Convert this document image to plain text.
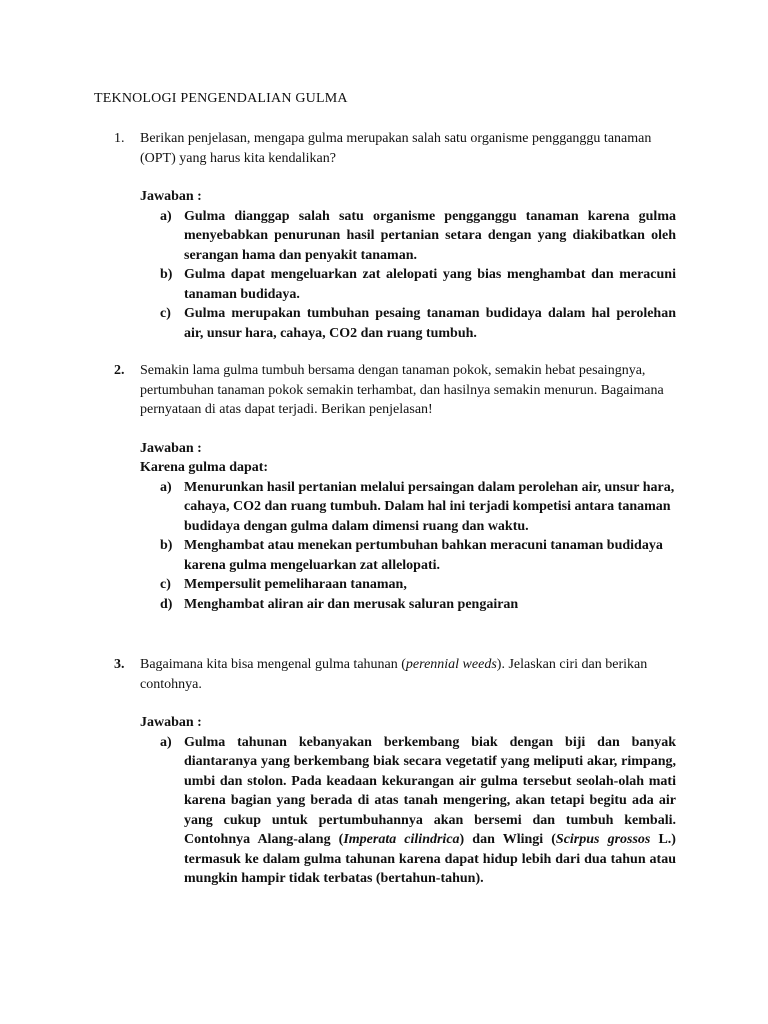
TEKNOLOGI PENGENDALIAN GULMA
1. Berikan penjelasan, mengapa gulma merupakan salah satu organisme pengganggu tanaman (OPT) yang harus kita kendalikan?
Jawaban :
a) Gulma dianggap salah satu organisme pengganggu tanaman karena gulma menyebabkan penurunan hasil pertanian setara dengan yang diakibatkan oleh serangan hama dan penyakit tanaman.
b) Gulma dapat mengeluarkan zat alelopati yang bias menghambat dan meracuni tanaman budidaya.
c) Gulma merupakan tumbuhan pesaing tanaman budidaya dalam hal perolehan air, unsur hara, cahaya, CO2 dan ruang tumbuh.
2. Semakin lama gulma tumbuh bersama dengan tanaman pokok, semakin hebat pesaingnya, pertumbuhan tanaman pokok semakin terhambat, dan hasilnya semakin menurun. Bagaimana pernyataan di atas dapat terjadi. Berikan penjelasan!
Jawaban :
Karena gulma dapat:
a) Menurunkan hasil pertanian melalui persaingan dalam perolehan air, unsur hara, cahaya, CO2 dan ruang tumbuh. Dalam hal ini terjadi kompetisi antara tanaman budidaya dengan gulma dalam dimensi ruang dan waktu.
b) Menghambat atau menekan pertumbuhan bahkan meracuni tanaman budidaya karena gulma mengeluarkan zat allelopati.
c) Mempersulit pemeliharaan tanaman,
d) Menghambat aliran air dan merusak saluran pengairan
3. Bagaimana kita bisa mengenal gulma tahunan (perennial weeds). Jelaskan ciri dan berikan contohnya.
Jawaban :
a) Gulma tahunan kebanyakan berkembang biak dengan biji dan banyak diantaranya yang berkembang biak secara vegetatif yang meliputi akar, rimpang, umbi dan stolon. Pada keadaan kekurangan air gulma tersebut seolah-olah mati karena bagian yang berada di atas tanah mengering, akan tetapi begitu ada air yang cukup untuk pertumbuhannya akan bersemi dan tumbuh kembali. Contohnya Alang-alang (Imperata cilindrica) dan Wlingi (Scirpus grossos L.) termasuk ke dalam gulma tahunan karena dapat hidup lebih dari dua tahun atau mungkin hampir tidak terbatas (bertahun-tahun).
